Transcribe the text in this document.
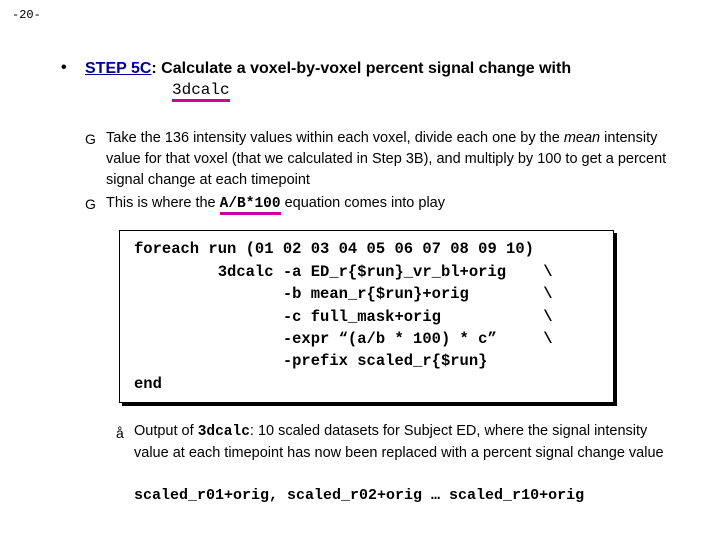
-20-
• STEP 5C: Calculate a voxel-by-voxel percent signal change with
3dcalc
G Take the 136 intensity values within each voxel, divide each one by the mean intensity value for that voxel (that we calculated in Step 3B), and multiply by 100 to get a percent signal change at each timepoint
G This is where the A/B*100 equation comes into play
foreach run (01 02 03 04 05 06 07 08 09 10)
3dcalc -a ED_r{$run}_vr_bl+orig    \
-b mean_r{$run}+orig        \
-c full_mask+orig           \
-expr “(a/b * 100) * c”     \
-prefix scaled_r{$run}
end
å Output of 3dcalc: 10 scaled datasets for Subject ED, where the signal intensity value at each timepoint has now been replaced with a percent signal change value
scaled_r01+orig, scaled_r02+orig … scaled_r10+orig
